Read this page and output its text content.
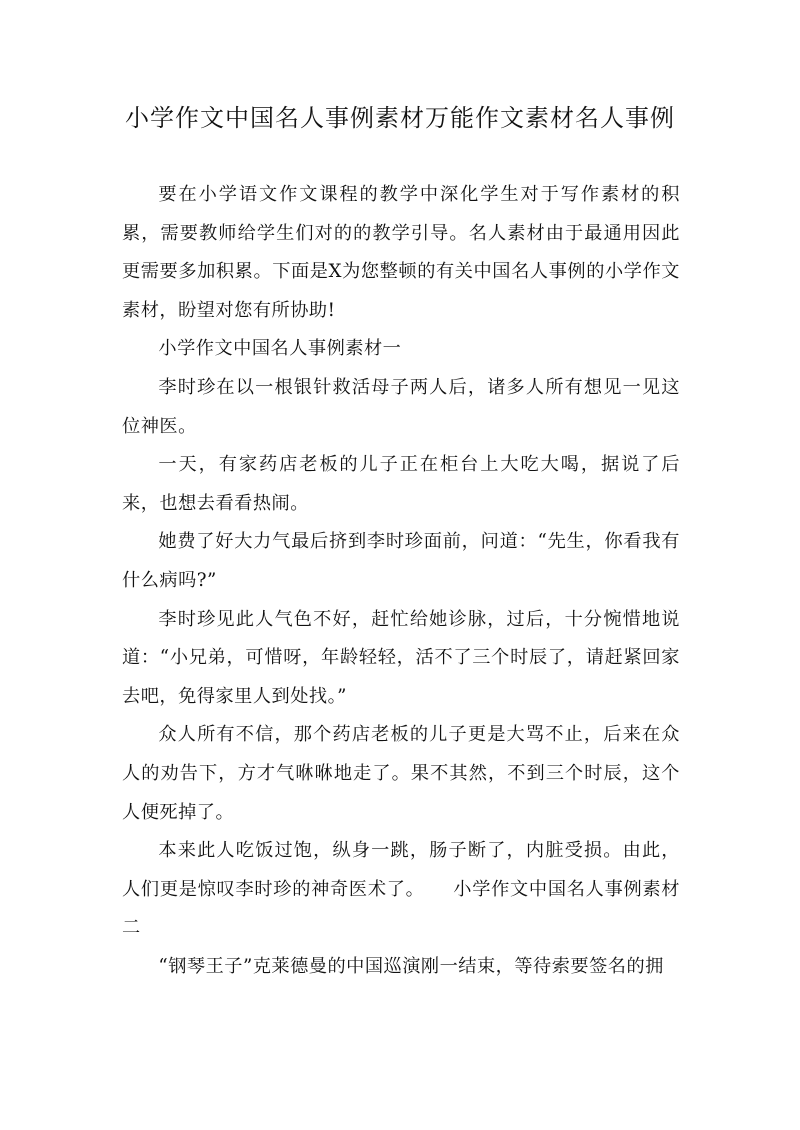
小学作文中国名人事例素材万能作文素材名人事例

要在小学语文作文课程的教学中深化学生对于写作素材的积累，需要教师给学生们对的的教学引导。名人素材由于最通用因此更需要多加积累。下面是X为您整顿的有关中国名人事例的小学作文素材，盼望对您有所协助!

小学作文中国名人事例素材一

李时珍在以一根银针救活母子两人后，诸多人所有想见一见这位神医。

一天，有家药店老板的儿子正在柜台上大吃大喝，据说了后来，也想去看看热闹。

她费了好大力气最后挤到李时珍面前，问道：“先生，你看我有什么病吗?”

李时珍见此人气色不好，赶忙给她诊脉，过后，十分惋惜地说道：“小兄弟，可惜呀，年龄轻轻，活不了三个时辰了，请赶紧回家去吧，免得家里人到处找。”

众人所有不信，那个药店老板的儿子更是大骂不止，后来在众人的劝告下，方才气咻咻地走了。果不其然，不到三个时辰，这个人便死掉了。

本来此人吃饭过饱，纵身一跳，肠子断了，内脏受损。由此，人们更是惊叹李时珍的神奇医术了。　　小学作文中国名人事例素材二

“钢琴王子”克莱德曼的中国巡演刚一结束，等待索要签名的拥
